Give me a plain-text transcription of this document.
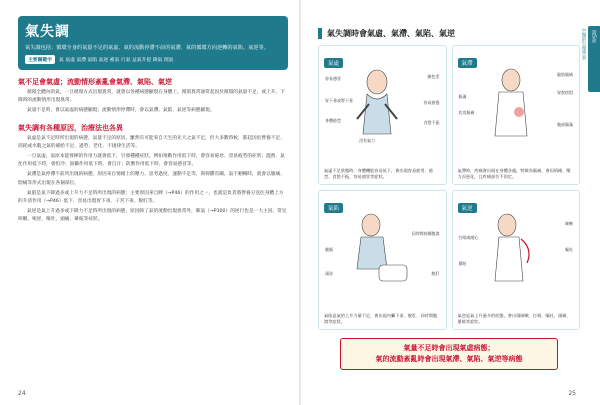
氣失調
氣失調包括：循環全身的氣量不足的氣虛、氣的流動停滯不前的氣滯、氣的循環方向逆轉的氣陷、氣逆等。
主要關鍵字	氣 氣虛 氣滯 氣陷 氣逆 補氣 行氣 益氣升提 降氣 理氣
氣不足會氣虛；流動情形紊亂會氣滯、氣陷、氣逆
循環全體內的氣，一旦循環方式出現異常，就會以各種病態顯現在身體上。循環異常通常起因於循環的氣量不足，或上升、下降時的流動情形出現異常。
氣量不足時，會以氣虛的病態顯現；流動情形停滯時，會以氣滯、氣陷、氣逆等病態顯現。
氣失調有各種原因，治療法也各異
氣虛是氣不足時所出現的病態，氣量不足的原因，雖然有可能來自天生的先天之氣不足，但大多數時候，都起因於營養不足、消耗或水穀之氣的補給不足、過勞、老化、不規律生活等。
一旦氣虛，氣原本能發揮的作用力就會低下，引發種種症狀。例如推動作用低下時，會容易倦怠、容易疲勞的症狀；溫煦、氣化作用低下時，會怕冷；固攝作用低下時，會自汗；防禦作用低下時，會容易感冒等。
氣滯是氣停滯不前所出現的病態，原因來自情緒上的壓力、思考過度、運動不足等，與抑鬱有關。氣不順暢時，就會以脹痛、悶痛等形式出現在各個部位。
氣陷是氣下降過多或上升力不足時所出現的病態；主要原因來自脾（→P46）的作用之一，也就是負責將營養分送往身體上方的升清作用（→P46）低下，容易出現胃下垂、子宮下垂、脫肛等。
氣逆是氣上升過多或下降力不足時所出現的病態，原因除了氣的流動出現異常外，肺氣（→P100）的逆行也是一大主因。常見咳嗽、呃逆、嘔吐、頭痛、暈眩等症狀。
24
第5章
中醫的生理學說
氣失調時會氣虛、氣滯、氣陷、氣逆
氣虛
容易感冒	臉色差
胃下垂或腎下垂	容易疲倦
身體倦怠	食慾不振
沒有氣力
氣虛不足狀態時，身體機能容易低下，會出現容易疲勞、倦怠、食慾不振、容易感冒等症狀。
氣滯
脇肋脹痛
胃脘痞悶
脹滿
乳房脹痛
腹部脹滿
氣滯時，疼痛會出現在身體各處，特徵為脹痛，會因情緒、壓力而惡化，且疼痛部位不固定。
氣陷
長時間持續腹瀉
腹脹
脫肛
頭昏
氣陷是氣的上升力量不足，會出現內臟下垂、脫肛、長時間腹瀉等症狀。
氣逆
咳嗽
打嗝或噁心
嘔吐
暈眩
氣逆是氣上升過多的狀態，會出現咳嗽、打嗝、嘔吐、頭痛、暈眩等症狀。
氣量不足時會出現氣虛病態；
氣的流動紊亂時會出現氣滯、氣陷、氣逆等病態
25
